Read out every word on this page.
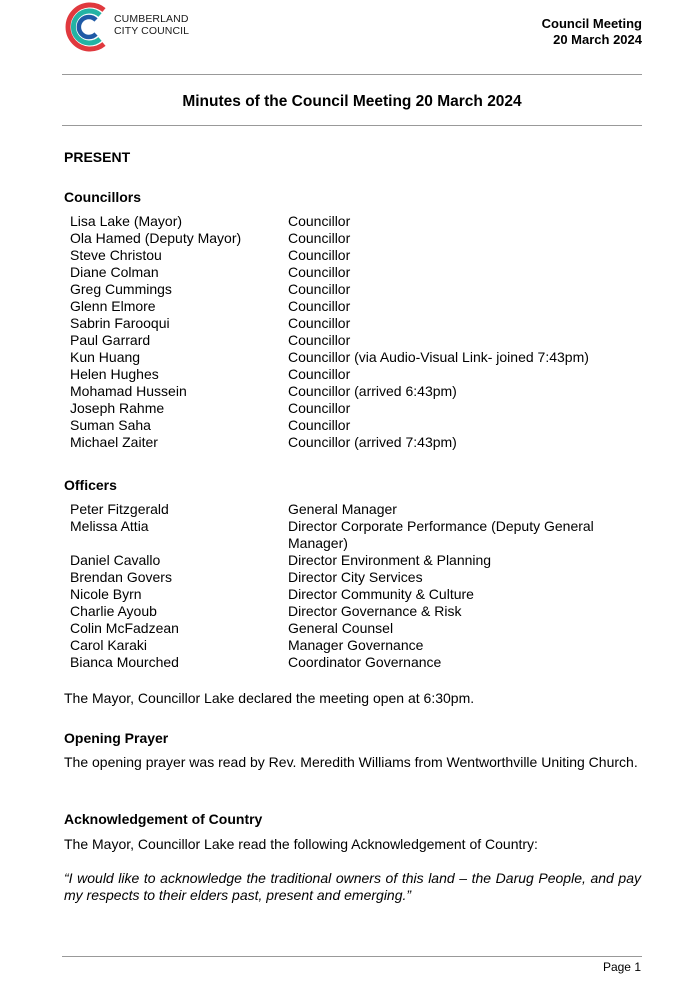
CUMBERLAND
CITY COUNCIL	Council Meeting
20 March 2024
Minutes of the Council Meeting 20 March 2024
PRESENT
Councillors
Lisa Lake (Mayor)	Councillor
Ola Hamed (Deputy Mayor)	Councillor
Steve Christou	Councillor
Diane Colman	Councillor
Greg Cummings	Councillor
Glenn Elmore	Councillor
Sabrin Farooqui	Councillor
Paul Garrard	Councillor
Kun Huang	Councillor (via Audio-Visual Link- joined 7:43pm)
Helen Hughes	Councillor
Mohamad Hussein	Councillor (arrived 6:43pm)
Joseph Rahme	Councillor
Suman Saha	Councillor
Michael Zaiter	Councillor (arrived 7:43pm)
Officers
Peter Fitzgerald	General Manager
Melissa Attia	Director Corporate Performance (Deputy General Manager)
Daniel Cavallo	Director Environment & Planning
Brendan Govers	Director City Services
Nicole Byrn	Director Community & Culture
Charlie Ayoub	Director Governance & Risk
Colin McFadzean	General Counsel
Carol Karaki	Manager Governance
Bianca Mourched	Coordinator Governance
The Mayor, Councillor Lake declared the meeting open at 6:30pm.
Opening Prayer
The opening prayer was read by Rev. Meredith Williams from Wentworthville Uniting Church.
Acknowledgement of Country
The Mayor, Councillor Lake read the following Acknowledgement of Country:
“I would like to acknowledge the traditional owners of this land – the Darug People, and pay my respects to their elders past, present and emerging.”
Page 1
